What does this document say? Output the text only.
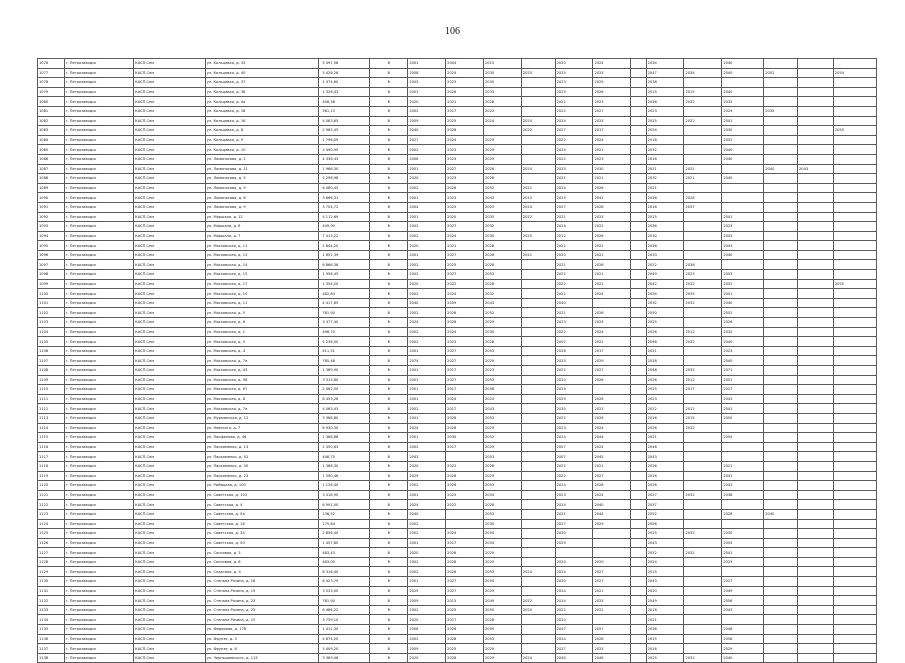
106
1076	г. Петрозаводск	КАСП.Сем	ул. Кольцевая, д. 33	5 497,58	б	2001	2004	2015		2020	2024		2034		2040			
1077	г. Петрозаводск	КАСП.Сем	ул. Кольцевая, д. 40	5 426,26	б	2008	2024	2030	2025	2025	2025		2047	2034	2040	2052		2054
1078	г. Петрозаводск	КАСП.Сем	ул. Кольцевая, д. 37	1 474,60	б	2003	2025	2030		2023	2029		2038					
1079	г. Петрозаводск	КАСП.Сем	ул. Кольцевая, д. 38	1 326,43	б	2001	2026	2033		2025	2026		2015	2015	2040			
1080	г. Петрозаводск	КАСП.Сем	ул. Кольцевая, д. 4а	408,38	б	2020	2021	2028		2022	2023		2016	2032	2032			
1081	г. Петрозаводск	КАСП.Сем	ул. Кольцевая, д. 1б	561,13	б	2002	2017	2022		2022	2027		2023		2024	2035		
1082	г. Петрозаводск	КАСП.Сем	ул. Кольцевая, д. 16	4 083,65	б	2009	2025	2024	2024	2024	2025		2025	2022	2041			
1083	г. Петрозаводск	КАСП.Сем	ул. Кольцевая, д. 8	2 965,45	б	2040	2028		2022	2027	2017		2054		2030			2055
1084	г. Петрозаводск	КАСП.Сем	ул. Кольцевая, д. 9	1 796,59	б	2027	2024	2029		2022	2024		2018		2052			
1085	г. Петрозаводск	КАСП.Сем	ул. Кольцевая, д. 10	2 490,95	б	2002	2023	2029		2024	2021		2032		2040			
1086	г. Петрозаводск	КАСП.Сем	ул. Ломоносова, д. 2	4 336,43	б	2006	2023	2029		2022	2023		2016		2040			
1087	г. Петрозаводск	КАСП.Сем	ул. Ломоносова, д. 11	1 966,30	б	2001	2027	2026	2024	2023	2030		2021	2031		2040	2043	
1088	г. Петрозаводск	КАСП.Сем	ул. Ломоносова, д. 5	5 296,98	б	2020	2023	2028		2021	2021		2032	2021	2040			
1089	г. Петрозаводск	КАСП.Сем	ул. Ломоносова, д. 9	6 480,45	б	2002	2026	2052	2021	2024	2026		2021					
1090	г. Петрозаводск	КАСП.Сем	ул. Ломоносова, д. 6	3 666,31	б	2001	2023	2043	2015	2025	2041		2016	2028				
1091	г. Петрозаводск	КАСП.Сем	ул. Ломоносова, д. 9	3 704,72	б	2004	2025	2025	2024	2027	2028		2016	2037				
1092	г. Петрозаводск	КАСП.Сем	ул. Маршала, д. 12	4 112,69	б	2001	2020	2035	2022	2021	2025		2015		2041			
1093	г. Петрозаводск	КАСП.Сем	ул. Маршала, д. 6	449,90	б	2002	2027	2032		2024	2022		2036		2023			
1094	г. Петрозаводск	КАСП.Сем	ул. Маршала, д. 7	7 413,22	б	2002	2024	2030	2025	2012	2026		2030		2043			
1095	г. Петрозаводск	КАСП.Сем	ул. Московская, д. 11	2 844,20	б	2020	2021	2028		2022	2022		2016		2043			
1096	г. Петрозаводск	КАСП.Сем	ул. Московская, д. 13	1 652,39	б	2001	2027	2026	2021	2020	2022		2033		2040			
1097	г. Петрозаводск	КАСП.Сем	ул. Московская, д. 14	6 866,36	б	2002	2025	2028		2021	2026		2022	2036				
1098	г. Петрозаводск	КАСП.Сем	ул. Московская, д. 15	1 956,45	б	2002	2027	2053		2022	2021		2049	2025	2053			
1099	г. Петрозаводск	КАСП.Сем	ул. Московская, д. 17	1 354,20	б	2020	2022	2028		2022	2021		2042	2032	2052			2055
1100	г. Петрозаводск	КАСП.Сем	ул. Московская, д. 10	482,84	б	2002	2024	2032		2022	2024		2034	2035	2051			
1101	г. Петрозаводск	КАСП.Сем	ул. Московская, д. 11	4 417,85	б	2040	2059	2043		2040			2032	2032	2040			
1102	г. Петрозаводск	КАСП.Сем	ул. Московская, д. 5	761,90	б	2002	2026	2052		2021	2026		2050		2052			
1103	г. Петрозаводск	КАСП.Сем	ул. Московская, д. 6	3 477,40	б	2024	2028	2029		2023	2024		2025		2026			
1104	г. Петрозаводск	КАСП.Сем	ул. Московская, д. 1	496,70	б	2002	2024	2030		2022	2024		2026	2012	2032			
1105	г. Петрозаводск	КАСП.Сем	ул. Московская, д. 5	5 236,50	б	2002	2023	2028		2007	2022		2046	2032	2040			
1106	г. Петрозаводск	КАСП.Сем	ул. Московская, д. 4	411,51	б	2001	2027	2053		2026	2017		2021		2023			
1107	г. Петрозаводск	КАСП.Сем	ул. Московская, д. 7а	765,48	б	2074	2027	2029		2023	2029		2028		2040			
1108	г. Петрозаводск	КАСП.Сем	ул. Московская, д. 43	1 389,90	б	2001	2017	2023		2022	2027		2048	2032	2071			
1109	г. Петрозаводск	КАСП.Сем	ул. Московская, д. 58	3 315,80	б	2001	2027	2053		2020	2026		2026	2012	2051			
1110	г. Петрозаводск	КАСП.Сем	ул. Московская, д. 67	2 462,50	б	2001	2017	2058		2029			2025	2017	2027			
1111	г. Петрозаводск	КАСП.Сем	ул. Московская, д. 8	8 453,26	б	2001	2024	2024		2029	2026		2023		2043			
1112	г. Петрозаводск	КАСП.Сем	ул. Московская, д. 7а	4 063,43	б	2002	2017	2043		2030	2023		2022	2012	2041			
1113	г. Петрозаводск	КАСП.Сем	ул. Мурманская, д. 12	3 366,80	б	2001	2026	2053		2022	2026		2016	2015	2050			
1114	г. Петрозаводск	КАСП.Сем	ул. Невского, д. 7	6 930,30	б	2024	2028	2029		2023	2024		2026	2032				
1115	г. Петрозаводск	КАСП.Сем	ул. Парфенова, д. 46	1 368,88	б	2001	2030	2052		2024	2044		2021		2054			
1116	г. Петрозаводск	КАСП.Сем	ул. Пархоменко, д. 13	2 350,63	б	2002	2017	2029		2007	2024		2046					
1117	г. Петрозаводск	КАСП.Сем	ул. Пархоменко, д. 52	446,70	б	2043		2053		2007	2045		2043					
1118	г. Петрозаводск	КАСП.Сем	ул. Пархоменко, д. 30	1 368,30	б	2020	2022	2028		2022	2021		2026		2021			
1119	г. Петрозаводск	КАСП.Сем	ул. Пархоменко, д. 23	1 590,46	б	2029	2028	2029		2022	2027		2016		2041			
1120	г. Петрозаводск	КАСП.Сем	ул. Рыбацкая, д. 100	1 126,40	б	2002	2026	2053		2024	2028		2026		2043			
1121	г. Петрозаводск	КАСП.Сем	ул. Советская, д. 103	3 418,90	б	2001	2025	2054		2023	2024		2027	2032	2038			
1122	г. Петрозаводск	КАСП.Сем	ул. Советская, д. 4	6 991,00	б	2024	2022	2028		2024	2040		2057					
1123	г. Петрозаводск	КАСП.Сем	ул. Советская, д. 5а	136,52	б	2040		2053		2021	2044		2052		2028	2040		
1124	г. Петрозаводск	КАСП.Сем	ул. Советская, д. 18	175,64	б	2002		2030		2027	2029		2056					
1125	г. Петрозаводск	КАСП.Сем	ул. Советская, д. 34	2 856,40	б	2002	2024	2054		2020			2025	2032	2030			
1126	г. Петрозаводск	КАСП.Сем	ул. Советская, д. 50	1 457,80	б	2001	2017	2054		2029			2043		2054			
1127	г. Петрозаводск	КАСП.Сем	ул. Сосновая, д. 3	483,43	б	2020	2026	2029					2052	2032	2041			
1128	г. Петрозаводск	КАСП.Сем	ул. Сосновая, д. 8	483,00	б	2002	2028	2025		2020	2020		2024		2023			
1129	г. Петрозаводск	КАСП.Сем	ул. Спартака, д. 4	8 316,40	б	2002	2026	2053	2024	2024	2027		2015					
1130	г. Петрозаводск	КАСП.Сем	ул. Степана Разина, д. 16	8 423,79	б	2001	2027	2054		2020	2027		2043		2027			
1131	г. Петрозаводск	КАСП.Сем	ул. Степана Разина, д. 19	3 533,00	б	2029	2027	2029		2024	2021		2020		2049			
1132	г. Петрозаводск	КАСП.Сем	ул. Степана Разина, д. 23	761,90	б	2009	2013	2049	2022	2014	2025		2049		2056			
1133	г. Петрозаводск	КАСП.Сем	ул. Степана Разина, д. 25	6 486,22	б	2002	2025	2050	2020	2022	2022		2018		2043			
1134	г. Петрозаводск	КАСП.Сем	ул. Степана Разина, д. 15	3 759,10	б	2020	2017	2028		2020			2021					
1135	г. Петрozаводск	КАСП.Сем	ул. Федорова, д. 17б	1 411,30	б	2006	2026	2059		2047	2057		2038		2048			
1136	г. Петрозаводск	КАСП.Сем	ул. Фрунзе, д. 3	4 674,20	б	2002	2028	2053		2024	2028		2015		2058			
1137	г. Петрозаводск	КАСП.Сем	ул. Фрунзе, д. 8	5 409,20	б	2009	2025	2029		2027	2025		2016		2029			
1138	г. Петрозаводск	КАСП.Сем	ул. Чернышевского, д. 113	3 369,46	б	2020	2028	2029	2024	2044	2046		2025	2032	2040			
